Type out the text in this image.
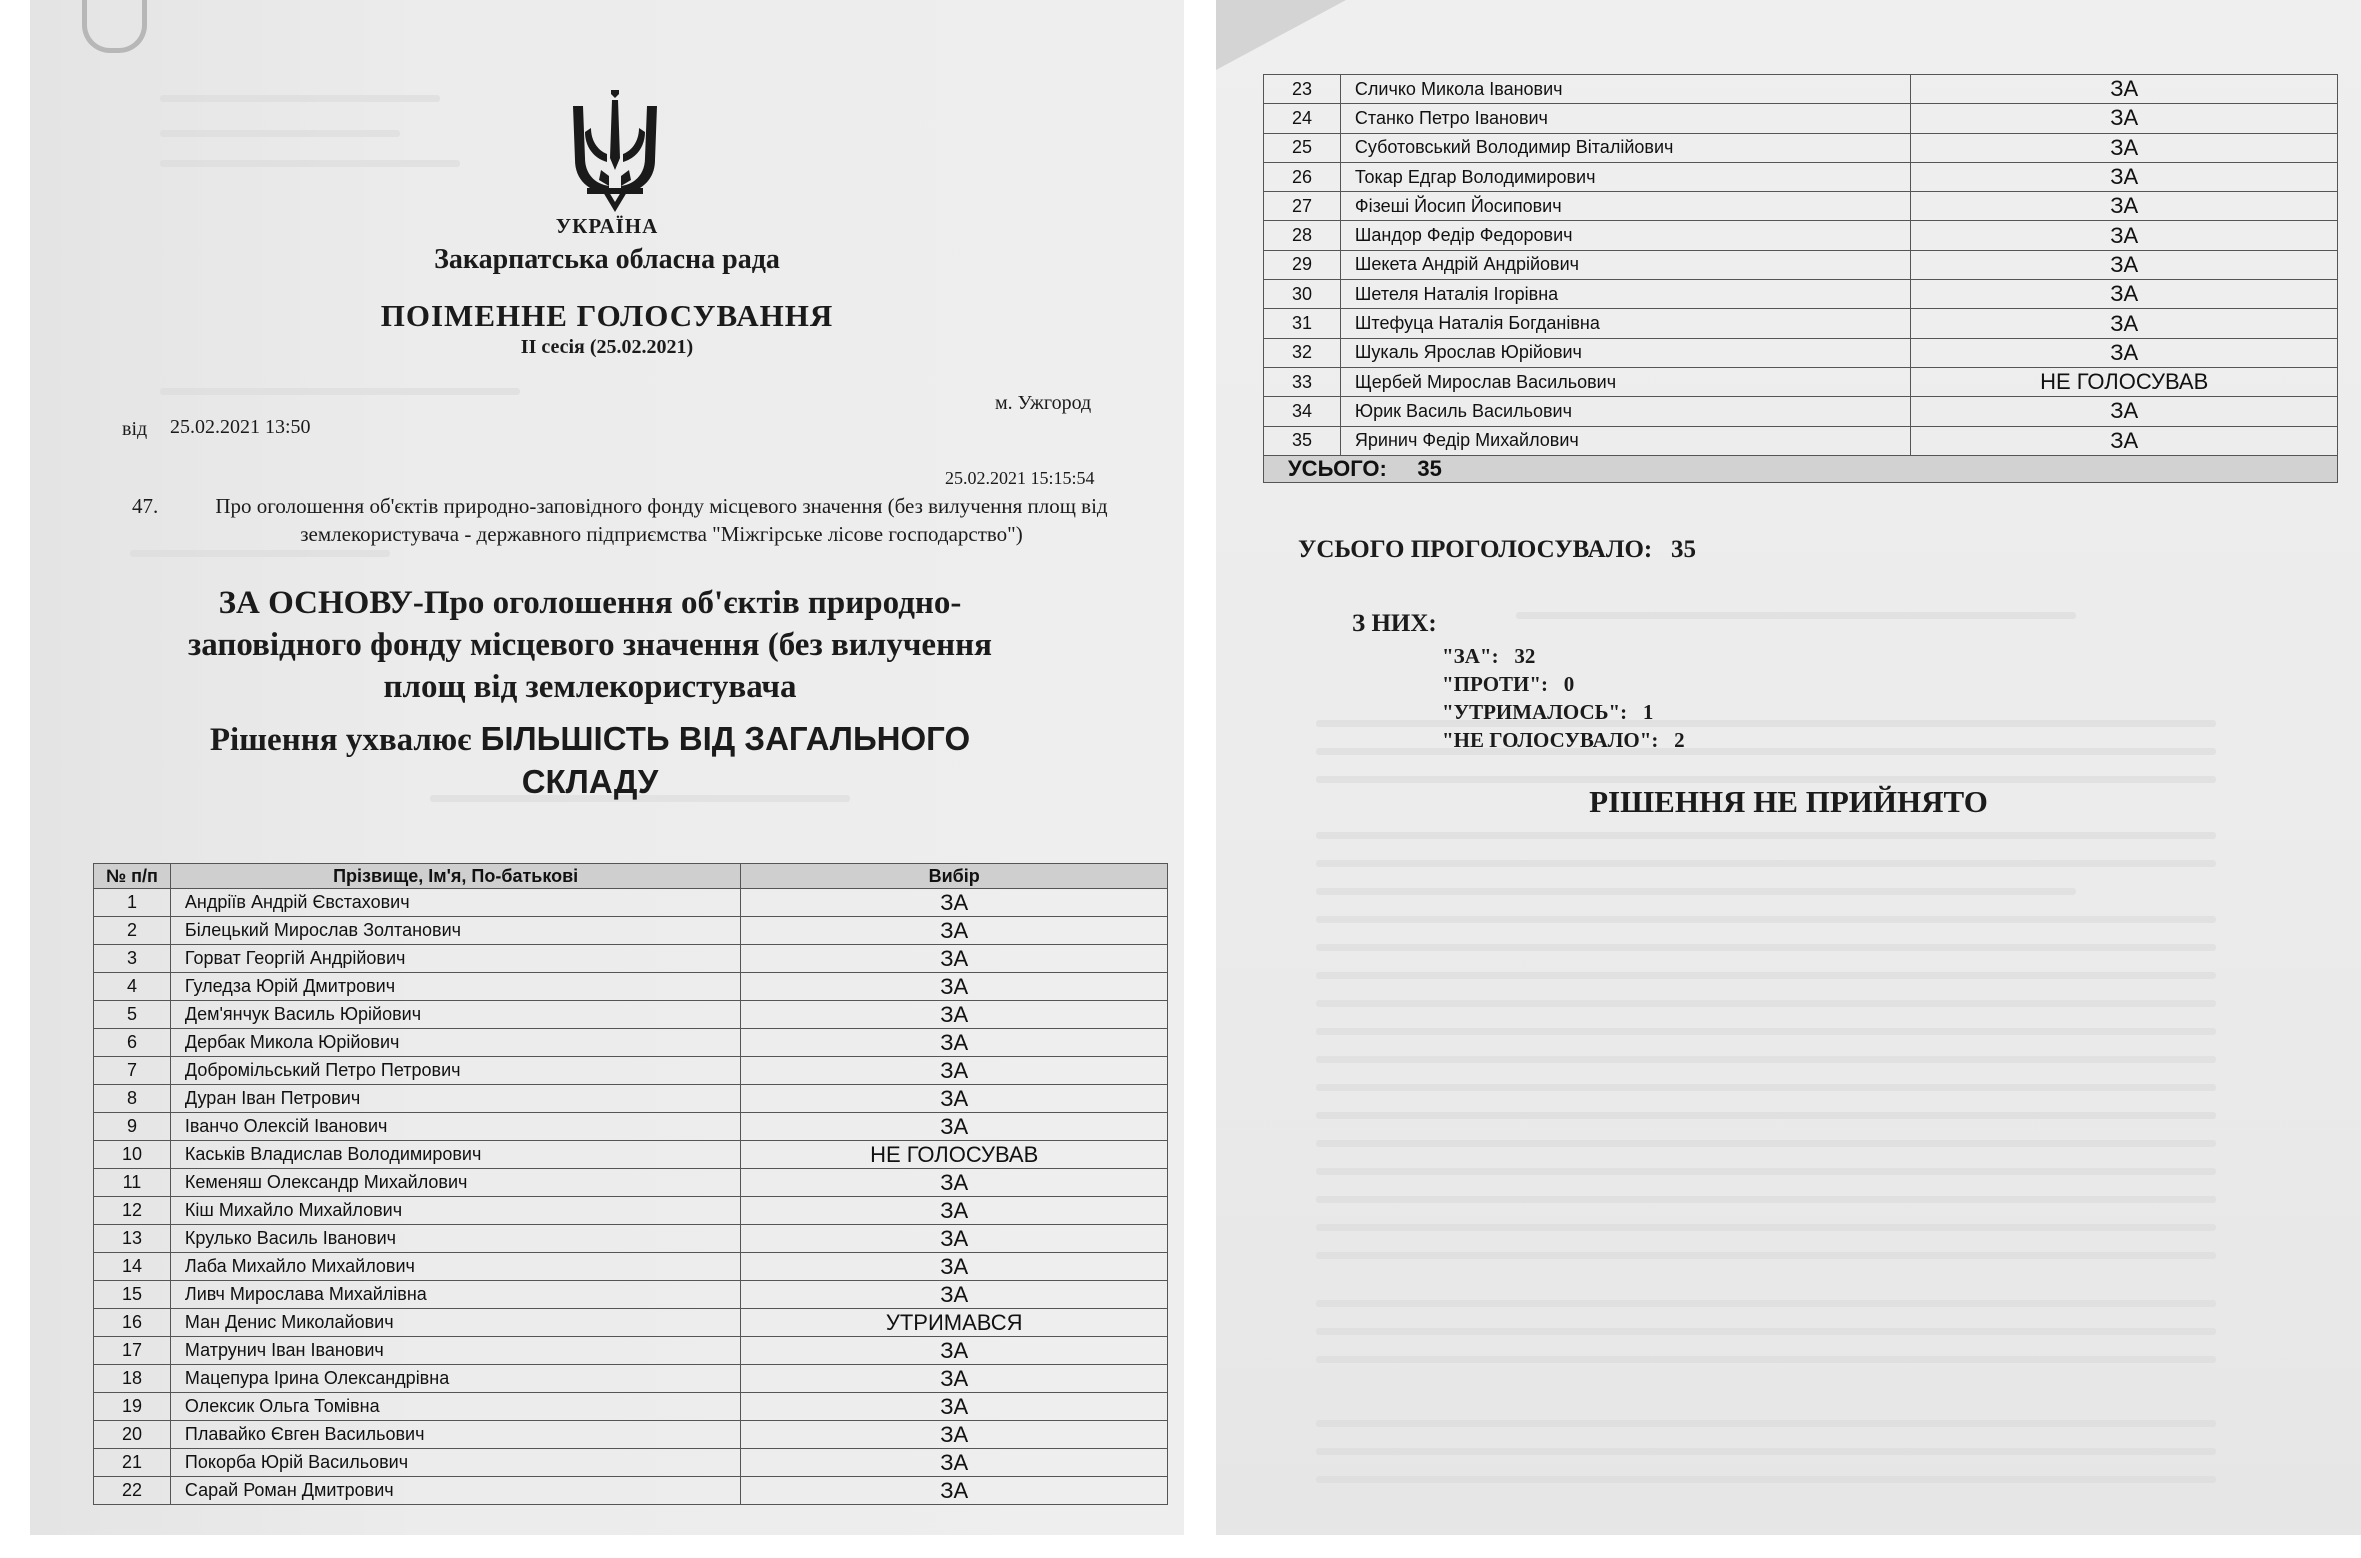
УКРАЇНА
Закарпатська обласна рада
ПОІМЕННЕ ГОЛОСУВАННЯ
II сесія (25.02.2021)
м. Ужгород
від 25.02.2021 13:50
25.02.2021 15:15:54
47.	Про оголошення об'єктів природно-заповідного фонду місцевого значення (без вилучення площ від землекористувача - державного підприємства "Міжгірське лісове господарство")
ЗА ОСНОВУ-Про оголошення об'єктів природно-заповідного фонду місцевого значення (без вилучення площ від землекористувача
Рішення ухвалює БІЛЬШІСТЬ ВІД ЗАГАЛЬНОГО СКЛАДУ
№ п/п	Прізвище, Ім'я, По-батькові	Вибір
1	Андріїв Андрій Євстахович	ЗА
2	Білецький Мирослав Золтанович	ЗА
3	Горват Георгій Андрійович	ЗА
4	Гуледза Юрій Дмитрович	ЗА
5	Дем'янчук Василь Юрійович	ЗА
6	Дербак Микола Юрійович	ЗА
7	Добромільський Петро Петрович	ЗА
8	Дуран Іван Петрович	ЗА
9	Іванчо Олексій Іванович	ЗА
10	Каськів Владислав Володимирович	НЕ ГОЛОСУВАВ
11	Кеменяш Олександр Михайлович	ЗА
12	Кіш Михайло Михайлович	ЗА
13	Крулько Василь Іванович	ЗА
14	Лаба Михайло Михайлович	ЗА
15	Ливч Мирослава Михайлівна	ЗА
16	Ман Денис Миколайович	УТРИМАВСЯ
17	Матрунич Іван Іванович	ЗА
18	Мацепура Ірина Олександрівна	ЗА
19	Олексик Ольга Томівна	ЗА
20	Плавайко Євген Васильович	ЗА
21	Покорба Юрій Васильович	ЗА
22	Сарай Роман Дмитрович	ЗА
23	Сличко Микола Іванович	ЗА
24	Станко Петро Іванович	ЗА
25	Суботовський Володимир Віталійович	ЗА
26	Токар Едгар Володимирович	ЗА
27	Фізеші Йосип Йосипович	ЗА
28	Шандор Федір Федорович	ЗА
29	Шекета Андрій Андрійович	ЗА
30	Шетеля Наталія Ігорівна	ЗА
31	Штефуца Наталія Богданівна	ЗА
32	Шукаль Ярослав Юрійович	ЗА
33	Щербей Мирослав Васильович	НЕ ГОЛОСУВАВ
34	Юрик Василь Васильович	ЗА
35	Яринич Федір Михайлович	ЗА
УСЬОГО: 35		
УСЬОГО ПРОГОЛОСУВАЛО: 35
З НИХ:
"ЗА": 32
"ПРОТИ": 0
"УТРИМАЛОСЬ": 1
"НЕ ГОЛОСУВАЛО": 2
РІШЕННЯ НЕ ПРИЙНЯТО
